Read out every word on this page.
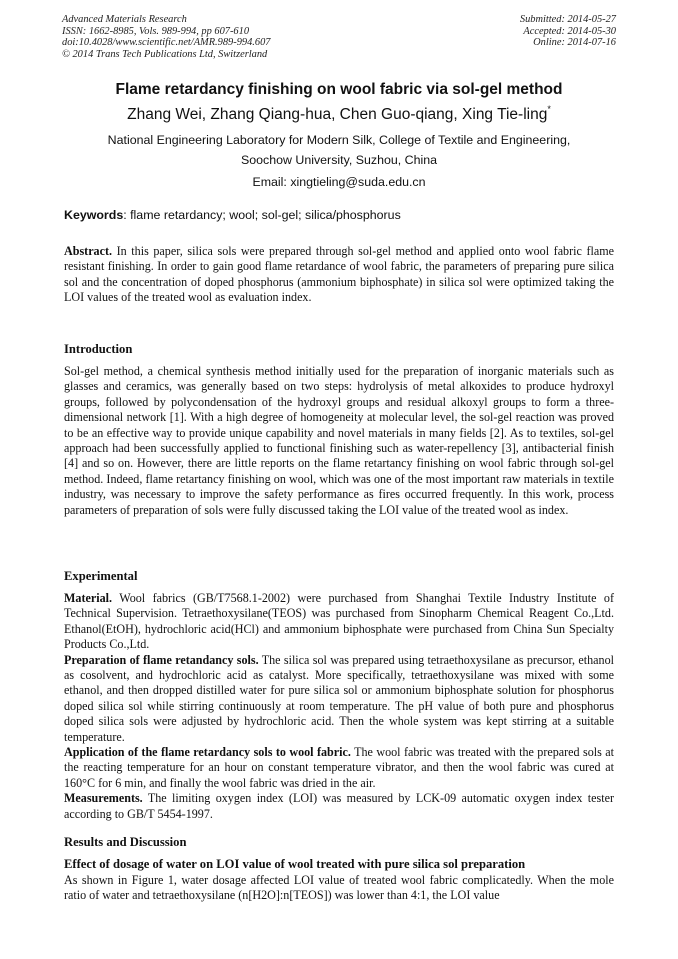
Advanced Materials Research
ISSN: 1662-8985, Vols. 989-994, pp 607-610
doi:10.4028/www.scientific.net/AMR.989-994.607
© 2014 Trans Tech Publications Ltd, Switzerland
Submitted: 2014-05-27
Accepted: 2014-05-30
Online: 2014-07-16
Flame retardancy finishing on wool fabric via sol-gel method
Zhang Wei, Zhang Qiang-hua, Chen Guo-qiang, Xing Tie-ling*
National Engineering Laboratory for Modern Silk, College of Textile and Engineering,
Soochow University, Suzhou, China
Email: xingtieling@suda.edu.cn
Keywords: flame retardancy; wool; sol-gel; silica/phosphorus

Abstract. In this paper, silica sols were prepared through sol-gel method and applied onto wool fabric flame resistant finishing. In order to gain good flame retardance of wool fabric, the parameters of preparing pure silica sol and the concentration of doped phosphorus (ammonium biphosphate) in silica sol were optimized taking the LOI values of the treated wool as evaluation index.

Introduction

Sol-gel method, a chemical synthesis method initially used for the preparation of inorganic materials such as glasses and ceramics, was generally based on two steps: hydrolysis of metal alkoxides to produce hydroxyl groups, followed by polycondensation of the hydroxyl groups and residual alkoxyl groups to form a three-dimensional network [1]. With a high degree of homogeneity at molecular level, the sol-gel reaction was proved to be an effective way to provide unique capability and novel materials in many fields [2]. As to textiles, sol-gel approach had been successfully applied to functional finishing such as water-repellency [3], antibacterial finish [4] and so on. However, there are little reports on the flame retartancy finishing on wool fabric through sol-gel method. Indeed, flame retartancy finishing on wool, which was one of the most important raw materials in textile industry, was necessary to improve the safety performance as fires occurred frequently. In this work, process parameters of preparation of sols were fully discussed taking the LOI value of the treated wool as index.

Experimental

Material. Wool fabrics (GB/T7568.1-2002) were purchased from Shanghai Textile Industry Institute of Technical Supervision. Tetraethoxysilane(TEOS) was purchased from Sinopharm Chemical Reagent Co.,Ltd. Ethanol(EtOH), hydrochloric acid(HCl) and ammonium biphosphate were purchased from China Sun Specialty Products Co.,Ltd.

Preparation of flame retandancy sols. The silica sol was prepared using tetraethoxysilane as precursor, ethanol as cosolvent, and hydrochloric acid as catalyst. More specifically, tetraethoxysilane was mixed with some ethanol, and then dropped distilled water for pure silica sol or ammonium biphosphate solution for phosphorus doped silica sol while stirring continuously at room temperature. The pH value of both pure and phosphorus doped silica sols were adjusted by hydrochloric acid. Then the whole system was kept stirring at a suitable temperature.

Application of the flame retardancy sols to wool fabric. The wool fabric was treated with the prepared sols at the reacting temperature for an hour on constant temperature vibrator, and then the wool fabric was cured at 160°C for 6 min, and finally the wool fabric was dried in the air.

Measurements. The limiting oxygen index (LOI) was measured by LCK-09 automatic oxygen index tester according to GB/T 5454-1997.

Results and Discussion
Effect of dosage of water on LOI value of wool treated with pure silica sol preparation

As shown in Figure 1, water dosage affected LOI value of treated wool fabric complicatedly. When the mole ratio of water and tetraethoxysilane (n[H2O]:n[TEOS]) was lower than 4:1, the LOI value
